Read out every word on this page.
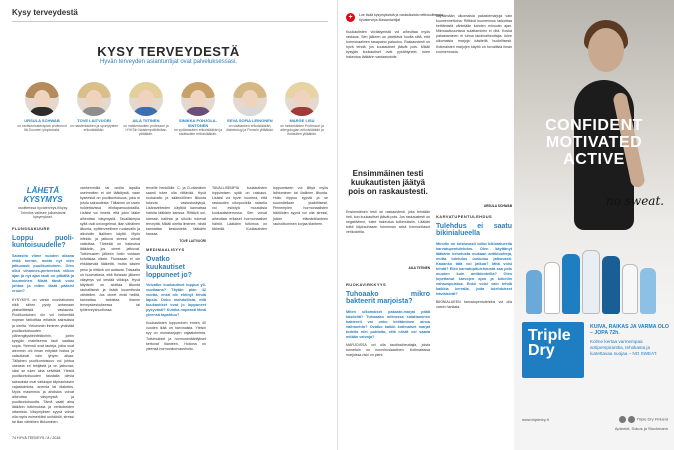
Kysy terveydestä
KYSY TERVEYDESTÄ
Hyvän terveyden asiantuntijat ovat palveluksessasi.
URSULA SCHWAB
on ravitsemusterapian professori Itä-Suomen yliopistosta.
TOVE LAITVUORI
on naistentautien ja synnytysten erikoislääkäri.
AILA TIITINEN
on naistentautien professori ja HYKSin Naistenpoliklinikan ylilääkäri.
SINIKKA POHJOLA-SINTONEN
on sydäntautien erikoislääkäri ja sisätautien erikoislääkäri.
EEVA SOFIA LEINONEN
on sisätautien erikoislääkäri, diabetologi ja Finnwin ylilääkäri.
MARGE LISU
on hetoinkäiden Professori ja allergologian erikoislääkäri ja ihotautien ylilääkäri.
LÄHETÄ KYSYMYS
osoitteessa hyvaterveys.fi/kysy. Toimitus valitsee julkaistavat kysymykset.
FLUNSSAKUURE
Loppu puoli-kuntoisuudelle?
Sairastin viime vuoden aikana ehkä kerran, mutta nyt olen jatkuvasti puolikuntoinen. Olen ollut vihannes-perheessä viikon ajan ja nyt ajan tauti on pitkällä ja kuumeinen. Mistä tämä voisi johtua ja miten tästä pääsisi eroon?
KYSYMYS on varsin monitahoinen eikä siihen pysty antamaan yksiselitteistä vastausta. Puolikuntoinen olo voi heikentää nopean tarkoittaa erilaista sairauksia ja oireita. Yleisimmin ihminen yhdistää puolikuntoisuuden ylähengitystieinfektioihin, joihin kysyjän mainitsema tauti saattaa sopia. Yleensä ovat tauteja, jotka ovat aiemmin ohi ilman erityistä hoitoa ja vaikuttavat vain lyhyen aikaa. Tällainen puolikuntoisuus voi johtua useasta eri tekijästä ja on jatkuvaa, siksi se tulee aina selvittää. Yleisiä puolikuntoisuuden taustalla olevia sairauksia ovat vaikkapa kilpirauhasen vajaatoiminta, anemia tai diabetes. Myös masennus ja ahdistus voivat aiheuttaa väsymystä ja puolikuntoisuutta. Tämä vaatii aina lääkärin tutkimuksia ja verikokeiden ottamista. Väsymyksen syynä voivat olla myös esimerkiksi unihäiriöt, stressi tai liian vähäinen liikkuminen.
vanhemmilla tai omilla lapsilla useimmiten ei ole lääkitystä, vaan kyseessä on puolikuntoisuus, joka ei johdu sairaudesta. Tällainen on usein hoidettavissa elintapamuutoksilla. Lisäksi voi ilmetä, että jokin lääke aiheuttaa väsymystä. Tavallisimpia syitä ovat uniongelmat, liian vähäinen liikunta, epäterveellinen ruokavalio ja alkoholin liiallinen käyttö. Myös infektio ja jatkuva stressi voivat vaikuttaa. Tärkeää on hakeutua lääkäriin, jos oireet jatkuvat. Tutkimusten jälkeen hoito voidaan kohdistaa oikein. Flunssaan ei ole ehkäisevää lääkettä, mutta käsien pesu ja riittävä uni auttavat. Toisaalta on huomattava, että flunssan jälkeen väsymys voi kestää viikkoja. Hyvä käytäntö on aloittaa liikunta rauhallisesti ja lisätä kuormitusta vähitellen. Jos oireet eivät hellitä, kannattaa tarkistaa tilanne terveyskeskuksessa tai työterveyshuollossa.
tervelle henkilölle. C- ja D-vitamiinin saanti tulee olla riittävää. Hyvä ruokavalio ja säännöllinen liikunta tukevat vastustuskykyä. Lisäravinteiden käyttöä kannattaa harkita lääkärin kanssa. Riittävä uni, stressin hallinta ja ulkoilu tukevat terveyttä. Mikäli oireita ilmenee, niistä kannattaa keskustella lääkärin kanssa.
TOVE LAITVUORI
MEDIMAALISYYS
Ovatko kuukautiset loppuneet jo?
Voivatko kuukautiset loppua yli-vuotiaana? Täytän pian 42 vuotta, enkä ole ehtinyt tehdä lapsia. Onko mahdollista, että kuukautiset ovat jo loppuneet pysyvästi? Kuinka nopeasti tämä yleensä tapahtuu?
Kuukautisten loppuminen ennen 40 vuoden ikää on harvinaista. Yleisin syy on munasarjojen vajaatoiminta. Tutkimukset ja hormonimääritykset kertovat tilanteen. Hoitona on yleensä hormonikorvaushoito.
TAVALLISEMPIA kuukautisten loppumisen syitä on raskaus. Lisäksi voi hyvin nuorena, että raskauden ulkopuolella naisella voi esiintyä muutoksia kuukautiskierrossa. Sen voivat aiheuttaa erilaiset hormonaaliset häiriöt. Lääkärin tutkimus on tärkeää. Kuukautisten loppumiseen voi liittyä myös laihtuminen tai liiallinen liikunta. Hoito riippuu syystä ja se suunnitellaan yksilöllisesti. Pienempien hormonaalisten häiriöiden syynä voi olla stressi, jolloin elämäntilanteen rauhoittuminen korjaa tilanteen.
74 HYVÄ TERVEYS / 8 / 2018
+	Lue lisää kysymyksistä ja vastauksista nettiosoitteesta hyvaterveys.fi/asiantuntijat
Kuukautisten viivästymistä voi aiheuttaa myös raskaus. Sen jälkeen on pidettävä huolta siitä, että hormonaalinen tasapaino palautuu. Raskaustesti on hyvä tehdä, jos kuukautiset jäävät pois. Mikäli kysyjän kuukautiset ovat pysähtyneet, tulee hakeutua lääkärin vastaanotolle.
Ensimmäinen testi kuukautisten jäätyä pois on raskaustesti.
Ensimmäinen testi on raskaustesti, joka tehdään heti, kun kuukautiset jäävät pois. Jos raskaustesti on negatiivinen, tulee hakeutua tutkimuksiin. Lääkäri tutkii kilpirauhasen toiminnan sekä hormonitasot verikokeilla.
AILA TIITINEN
RUOKAVIRKKYYS
Tuhoaako mikro bakteerit marjoista?
Miten ulkomaiset pakaste-marjat pitää käsitellä? Tuhoaako mikrossa sulattaminen bakteerit vai onko keittäminen ainoa vaihtoehto? Ovatko kaikki kotimaiset marjat todella niin puhtaita, että niistä voi saada mitään vaivoja?
MARJOISSA voi olla taudinaiheuttajia, joista tunnetuin on noroviruslaadinen. Kotimaisissa marjoissa riski on pieni.
käyttämään ulkomaisia pakastemarjoja vain kuumennettuina. Riittävä kuumennus tarkoittaa keittämistä vähintään kahden minuutin ajan. Mikroaaltouunissa sulattaminen ei riitä. Koska pakastaminen ei tuhoa taudinaiheuttajia, tulee ulkomaisia marjoja käsitellä huolellisesti. Kotimaisten marjojen käyttö on turvallista ilman kuumennusta.
URSULA SCHWAB
KARVATUPENTULEHDUS
Tulehdus ei saatu bikinialueella
Minulle on toistuvasti tullut bikinialueella karvatupentulehdus. Olen käyttänyt lääkärin kehotusta mukaan antibiootteja, mutta tulehdus uusiutuu jatkuvasti. Kauanko tätä voi jatkua? Mitä voisi tehdä? Eikö karvatupitulehdusta saa pois muuten kuin antibiooteilla? Olen lopettanut karvojen ajon ja kokeilin vahauspoistoa. Enkö voisi vain tehdä kaikkia kerralla, jotta tulehdukset häviäisivät?
BIKINIALUEEN karvatupentulehdus voi olla varsin hankala.
CONFIDENT
MOTIVATED
ACTIVE
no sweat.
Triple
Dry
KUIVA, RAIKAS JA VARMA OLO – JOPA 72h.
Kolme kertaa varmempaa antiperspiranttia, tehokasta ja luotettavaa suojaa – NO SWEAT.
www.tripledry.fi	Triple Dry Finland
Apteekit, Sokos ja Stockmann
